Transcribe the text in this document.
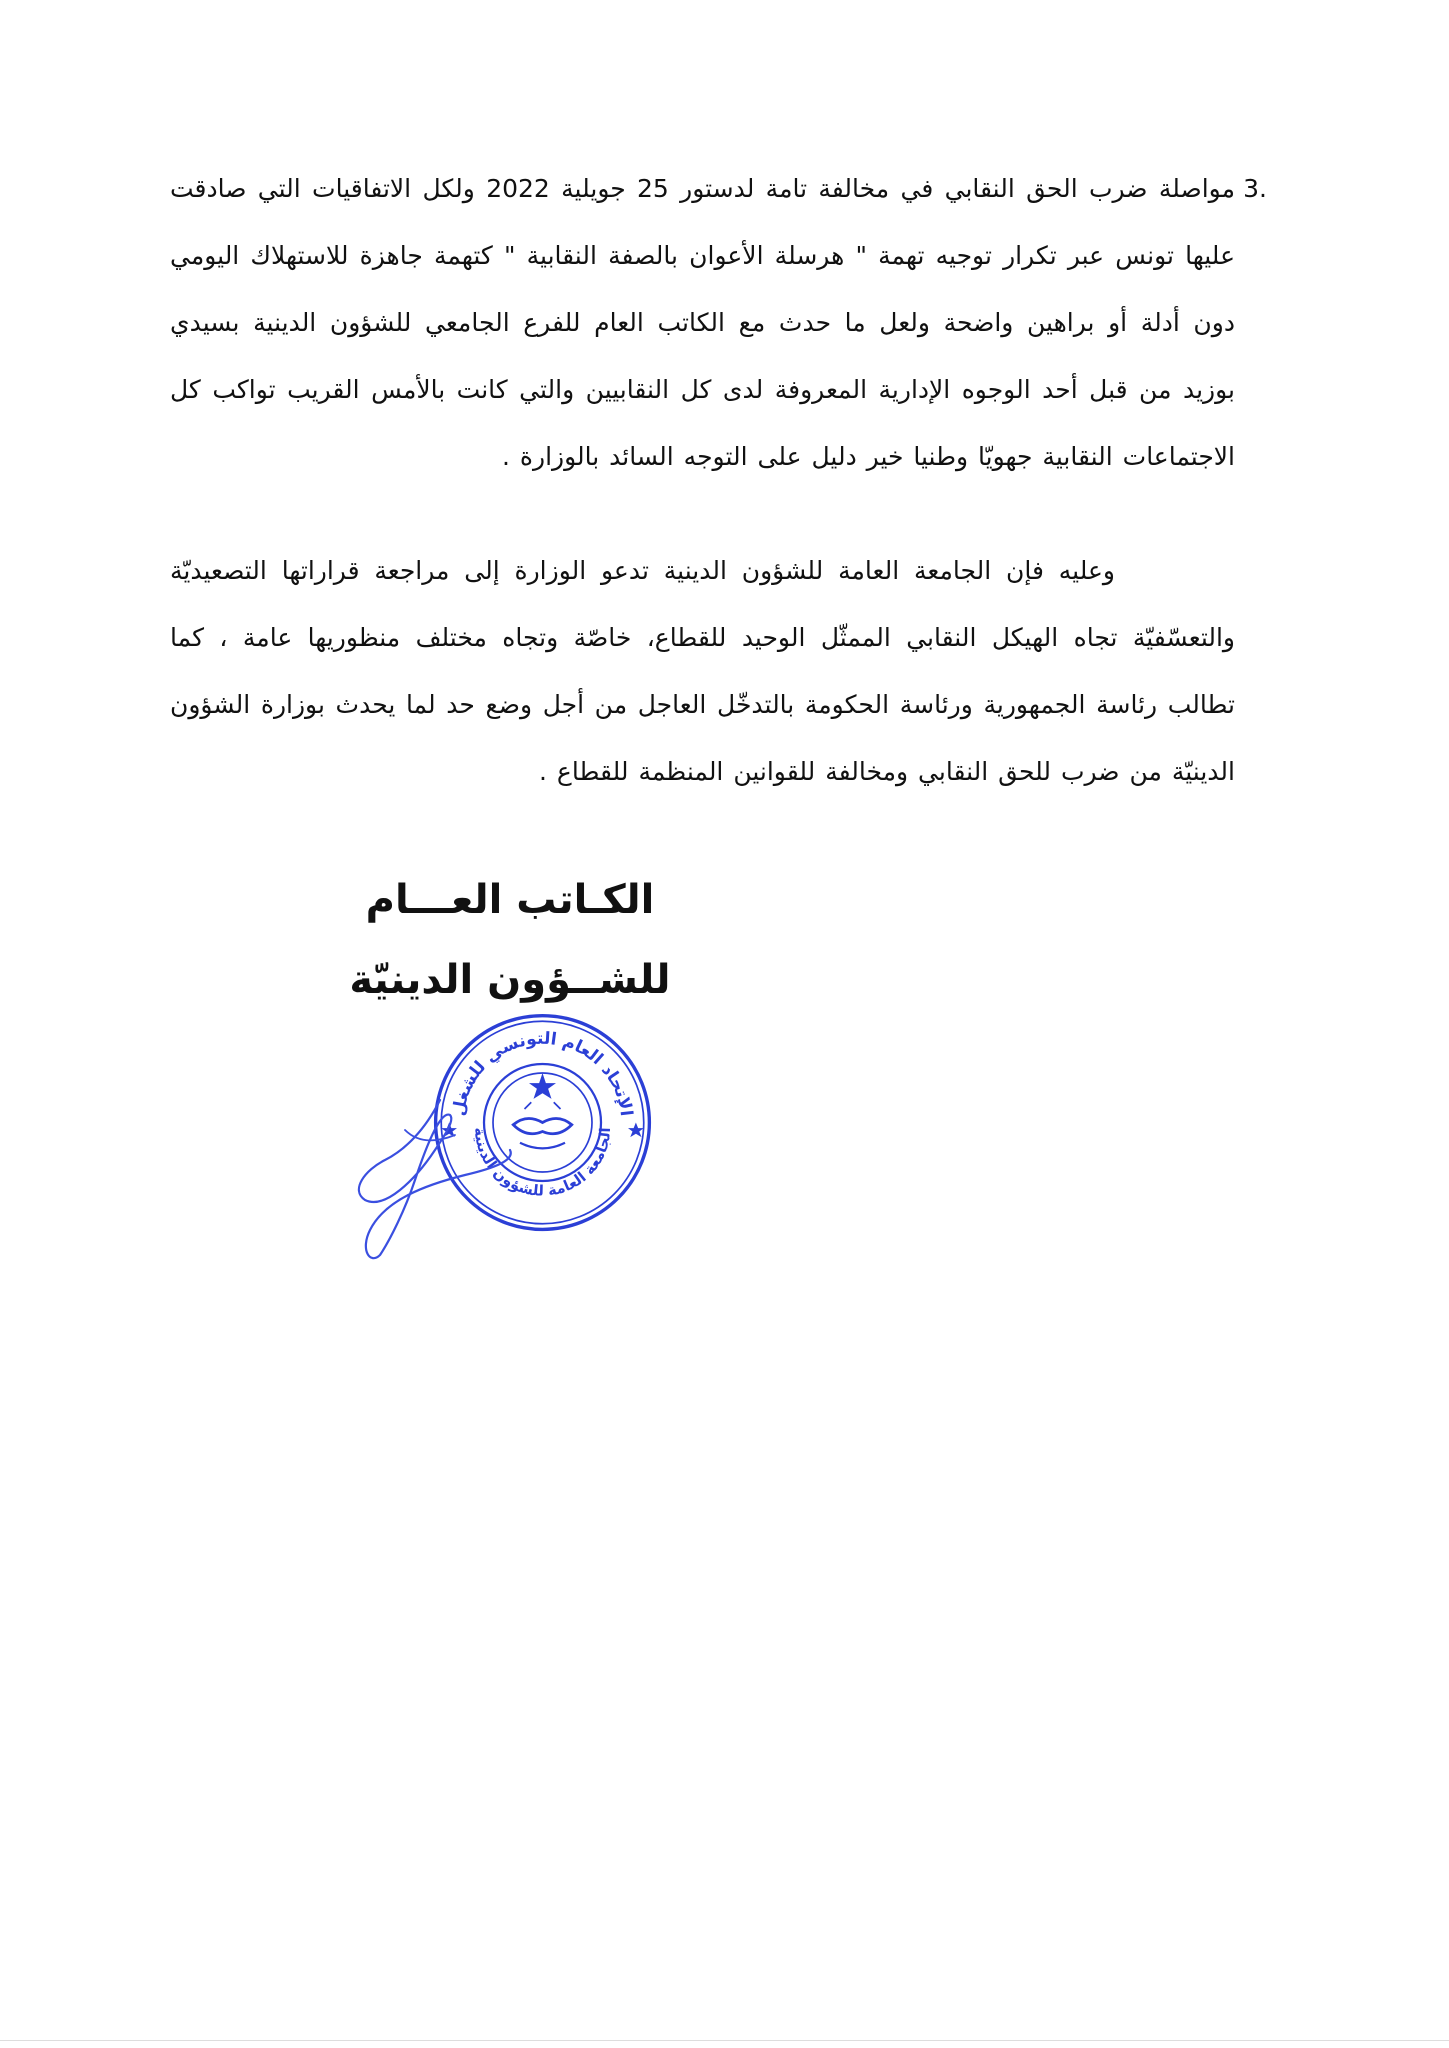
3.
مواصلة ضرب الحق النقابي في مخالفة تامة لدستور 25 جويلية 2022 ولكل الاتفاقيات التي صادقت عليها تونس عبر تكرار توجيه تهمة " هرسلة الأعوان بالصفة النقابية " كتهمة جاهزة للاستهلاك اليومي دون أدلة أو براهين واضحة ولعل ما حدث مع الكاتب العام للفرع الجامعي للشؤون الدينية بسيدي بوزيد من قبل أحد الوجوه الإدارية المعروفة لدى كل النقابيين والتي كانت بالأمس القريب تواكب كل الاجتماعات النقابية جهويّا وطنيا خير دليل على التوجه السائد بالوزارة .
وعليه فإن الجامعة العامة للشؤون الدينية تدعو الوزارة إلى مراجعة قراراتها التصعيديّة والتعسّفيّة تجاه الهيكل النقابي الممثّل الوحيد للقطاع، خاصّة وتجاه مختلف منظوريها عامة ، كما تطالب رئاسة الجمهورية ورئاسة الحكومة بالتدخّل العاجل من أجل وضع حد لما يحدث بوزارة الشؤون الدينيّة من ضرب للحق النقابي ومخالفة للقوانين المنظمة للقطاع .
الكـاتب العـــام
للشــؤون الدينيّة
الإتحاد العام التونسي للشغل
الجامعة العامة للشؤون الدينية
